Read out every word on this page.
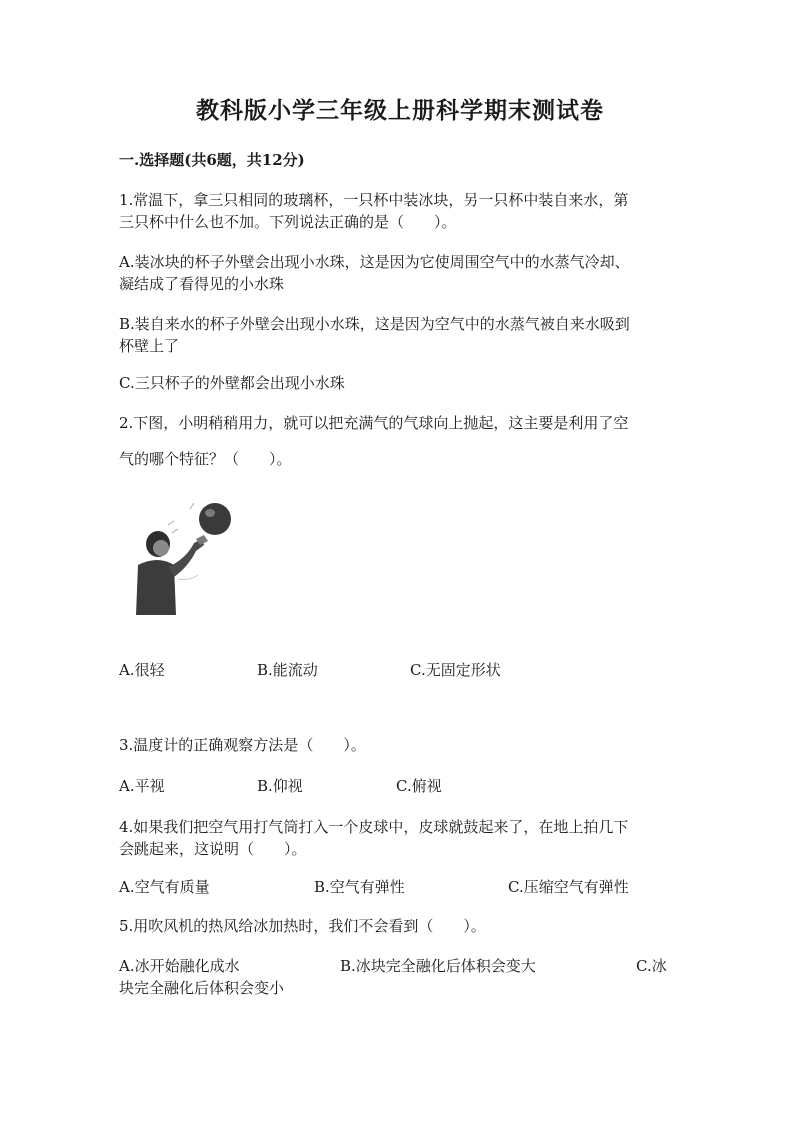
教科版小学三年级上册科学期末测试卷
一.选择题(共6题，共12分)
1.常温下，拿三只相同的玻璃杯，一只杯中装冰块，另一只杯中装自来水，第
三只杯中什么也不加。下列说法正确的是（　　）。
A.装冰块的杯子外壁会出现小水珠，这是因为它使周围空气中的水蒸气冷却、
凝结成了看得见的小水珠
B.装自来水的杯子外壁会出现小水珠，这是因为空气中的水蒸气被自来水吸到
杯壁上了
C.三只杯子的外壁都会出现小水珠
2.下图，小明稍稍用力，就可以把充满气的气球向上抛起，这主要是利用了空
气的哪个特征？（　　）。
A.很轻	B.能流动	C.无固定形状
3.温度计的正确观察方法是（　　）。
A.平视	B.仰视	C.俯视
4.如果我们把空气用打气筒打入一个皮球中，皮球就鼓起来了，在地上拍几下
会跳起来，这说明（　　）。
A.空气有质量	B.空气有弹性	C.压缩空气有弹性
5.用吹风机的热风给冰加热时，我们不会看到（　　）。
A.冰开始融化成水	B.冰块完全融化后体积会变大	C.冰
块完全融化后体积会变小
